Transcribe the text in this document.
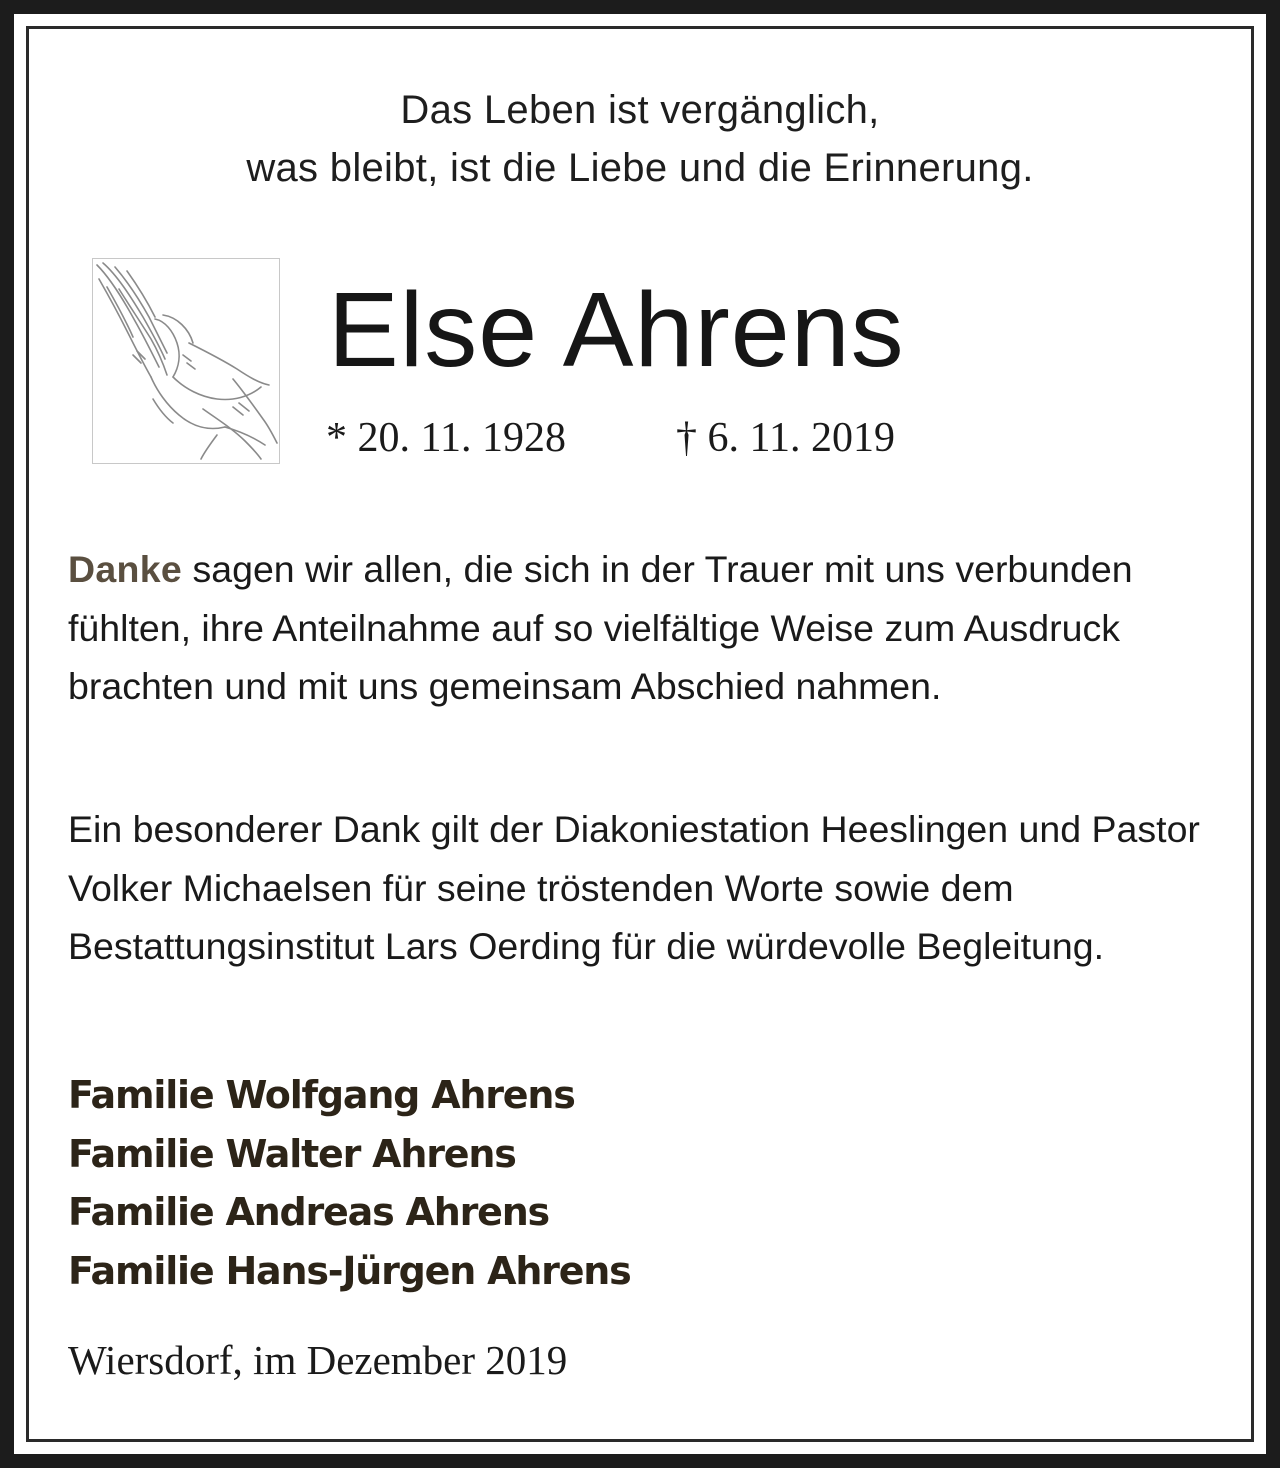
Das Leben ist vergänglich,
was bleibt, ist die Liebe und die Erinnerung.
Else Ahrens
* 20. 11. 1928	† 6. 11. 2019
Danke sagen wir allen, die sich in der Trauer mit uns verbunden fühlten, ihre Anteilnahme auf so vielfältige Weise zum Ausdruck brachten und mit uns gemeinsam Abschied nahmen.
Ein besonderer Dank gilt der Diakoniestation Heeslingen und Pastor Volker Michaelsen für seine tröstenden Worte sowie dem Bestattungsinstitut Lars Oerding für die würdevolle Begleitung.
Familie Wolfgang Ahrens
Familie Walter Ahrens
Familie Andreas Ahrens
Familie Hans-Jürgen Ahrens
Wiersdorf, im Dezember 2019
